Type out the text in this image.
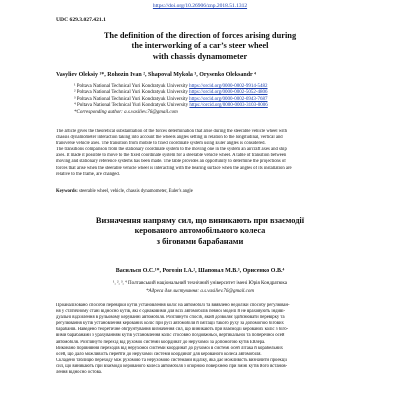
https://doi.org/10.26906/znp.2018.51.1312
UDC 629.3.027.421.1
The definition of the direction of forces arising during
the interworking of a car’s steer wheel
with chassis dynamometer
Vasyliev Oleksiy ¹*, Rohozin Ivan ², Shapoval Mykola ³, Orysenko Oleksandr ⁴
¹ Poltava National Technical Yuri Kondratyuk University https://orcid.org/0000-0002-9914-5482
² Poltava National Technical Yuri Kondratyuk University https://orcid.org/0000-0002-5052-4806
³ Poltava National Technical Yuri Kondratyuk University https://orcid.org/0000-0002-6943-7687
⁴ Poltava National Technical Yuri Kondratyuk University https://orcid.org/0000-0003-3103-0006
*Corresponding author: a.s.vasiliev.76@gmail.com
The article gives the theoretical substantiation of the forces determination that arise during the steerable vehicle wheel with
chassis dynamometer interaction taking into account the wheels angles setting in relation to the longitudinal, vertical and
transverse vehicle axes. The transition from mobile to fixed coordinate system using Euler angles is considered.
The transitions comparison from the stationary coordinate system to the moving one in the system an aircraft axes and ship
axes. It made it possible to move to the fixed coordinate system for a steerable vehicle wheel. A table of transition between
moving and stationary reference systems has been made. The table provides an opportunity to determine the projections of
forces that arise when the steerable vehicle wheel is interacting with the bearing surface when the angles of its installation are
relative to the frame, are changed.
Keywords: steerable wheel, vehicle, chassis dynamometer, Euler's angle
Визначення напряму сил, що виникають при взаємодії
керованого автомобільного колеса
з біговими барабанами
Васильєв О.С.¹*, Рогозін І.А.², Шаповал М.В.³, Орисенко О.В.⁴
¹, ², ³, ⁴ Полтавський національний технічний університет імені Юрія Кондратюка
*Адреса для листування: a.s.vasiliev.76@gmail.com
Проаналізовано способи перевірки кутів установлення коліс на автомобілі та виявлено недоліки способу регулюван-
ня у статичному стані відносно кутів, які є однаковими для всіх автомобілів певної моделі й не враховують індиві-
дуальні відхилення в рульовому керуванні автомобіля. Розглянуто спосіб, який дозволяє здійснювати перевірку та
регулювання кутів установлення керованих коліс при русі автомобіля й імітації такого руху за допомогою бігових
барабанів. Наведено теоретичне обґрунтування визначення сил, що виникають при взаємодії керованих коліс з біго-
вими барабанами з урахуванням кутів установлення коліс стосовно поздовжньої, вертикальної та поперечної осей
автомобіля. Розглянуто перехід від рухомої системи координат до нерухомої за допомогою кутів Ейлера.
Виконано порівняння переходів від нерухомої системи координат до рухомої в системі осей літака й корабельних
осей, що дало можливість перейти до нерухомої системи координат для керованого колеса автомобіля.
Складено таблицю переходу між рухомою та нерухомою системами відліку, яка дає можливість визначити проекції
сил, що виникають при взаємодії керованого колеса автомобіля з опорною поверхнею при зміні кутів його встанов-
лення відносно остова.
